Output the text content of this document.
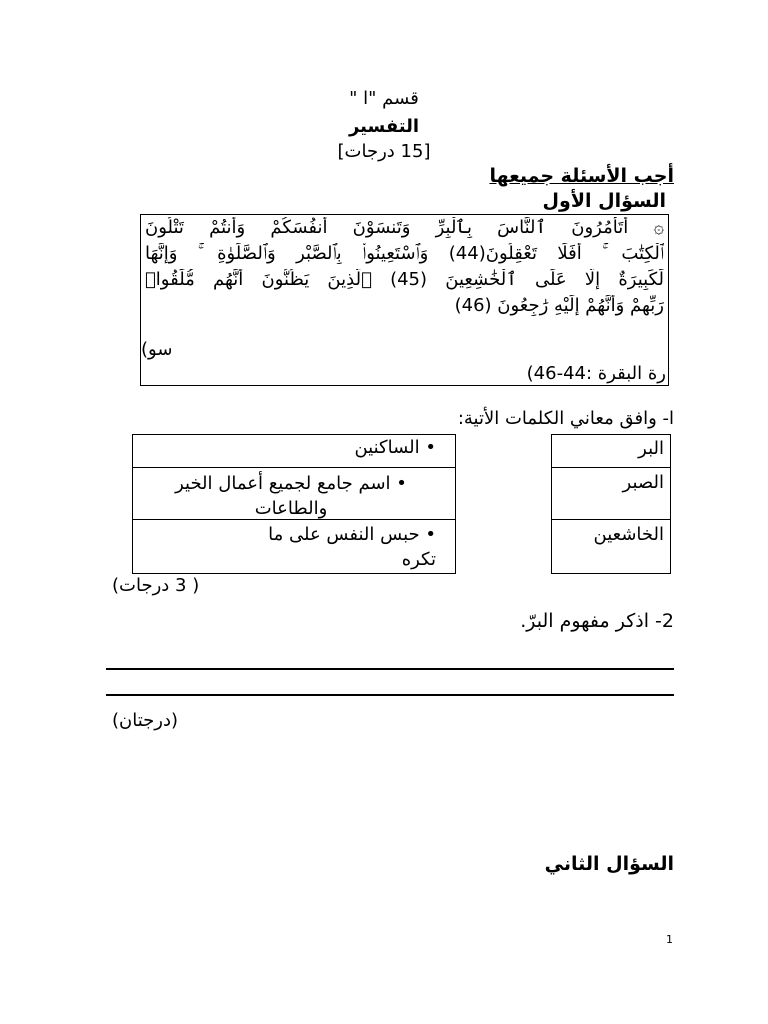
قسم "ا "
التفسير
[15 درجات]
أجب الأسئلة جميعها
السؤال الأول
۞ أَتَأْمُرُونَ ٱلنَّاسَ بِٱلْبِرِّ وَتَنسَوْنَ أَنفُسَكُمْ وَأَنتُمْ تَتْلُونَ
ٱلْكِتَٰبَ ۚ أَفَلَا تَعْقِلُونَ(44) وَٱسْتَعِينُوا۟ بِٱلصَّبْرِ وَٱلصَّلَوٰةِ ۚ وَإِنَّهَا
لَكَبِيرَةٌ إِلَّا عَلَى ٱلْخَٰشِعِينَ (45) ٱلَّذِينَ يَظُنُّونَ أَنَّهُم مُّلَٰقُوا۟
رَبِّهِمْ وَأَنَّهُمْ إِلَيْهِ رَٰجِعُونَ (46)
(سو
رة البقرة :44-46)
ا- وافق معاني الكلمات الأتية:
البر
الصبر
الخاشعين
• الساكنين
• اسم جامع لجميع أعمال الخير والطاعات
• حبس النفس على ما تكره
( 3 درجات)
2- اذكر مفهوم البرّ.
(درجتان)
السؤال الثاني
1
